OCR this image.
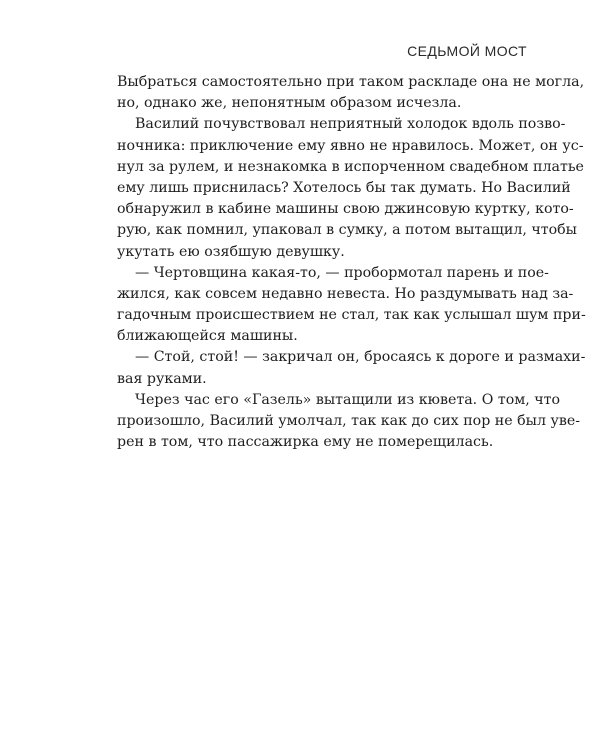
СЕДЬМОЙ МОСТ
Выбраться самостоятельно при таком раскладе она не могла,
но, однако же, непонятным образом исчезла.
Василий почувствовал неприятный холодок вдоль позво-
ночника: приключение ему явно не нравилось. Может, он ус-
нул за рулем, и незнакомка в испорченном свадебном платье
ему лишь приснилась? Хотелось бы так думать. Но Василий
обнаружил в кабине машины свою джинсовую куртку, кото-
рую, как помнил, упаковал в сумку, а потом вытащил, чтобы
укутать ею озябшую девушку.
— Чертовщина какая-то, — пробормотал парень и пое-
жился, как совсем недавно невеста. Но раздумывать над за-
гадочным происшествием не стал, так как услышал шум при-
ближающейся машины.
— Стой, стой! — закричал он, бросаясь к дороге и размахи-
вая руками.
Через час его «Газель» вытащили из кювета. О том, что
произошло, Василий умолчал, так как до сих пор не был уве-
рен в том, что пассажирка ему не померещилась.
